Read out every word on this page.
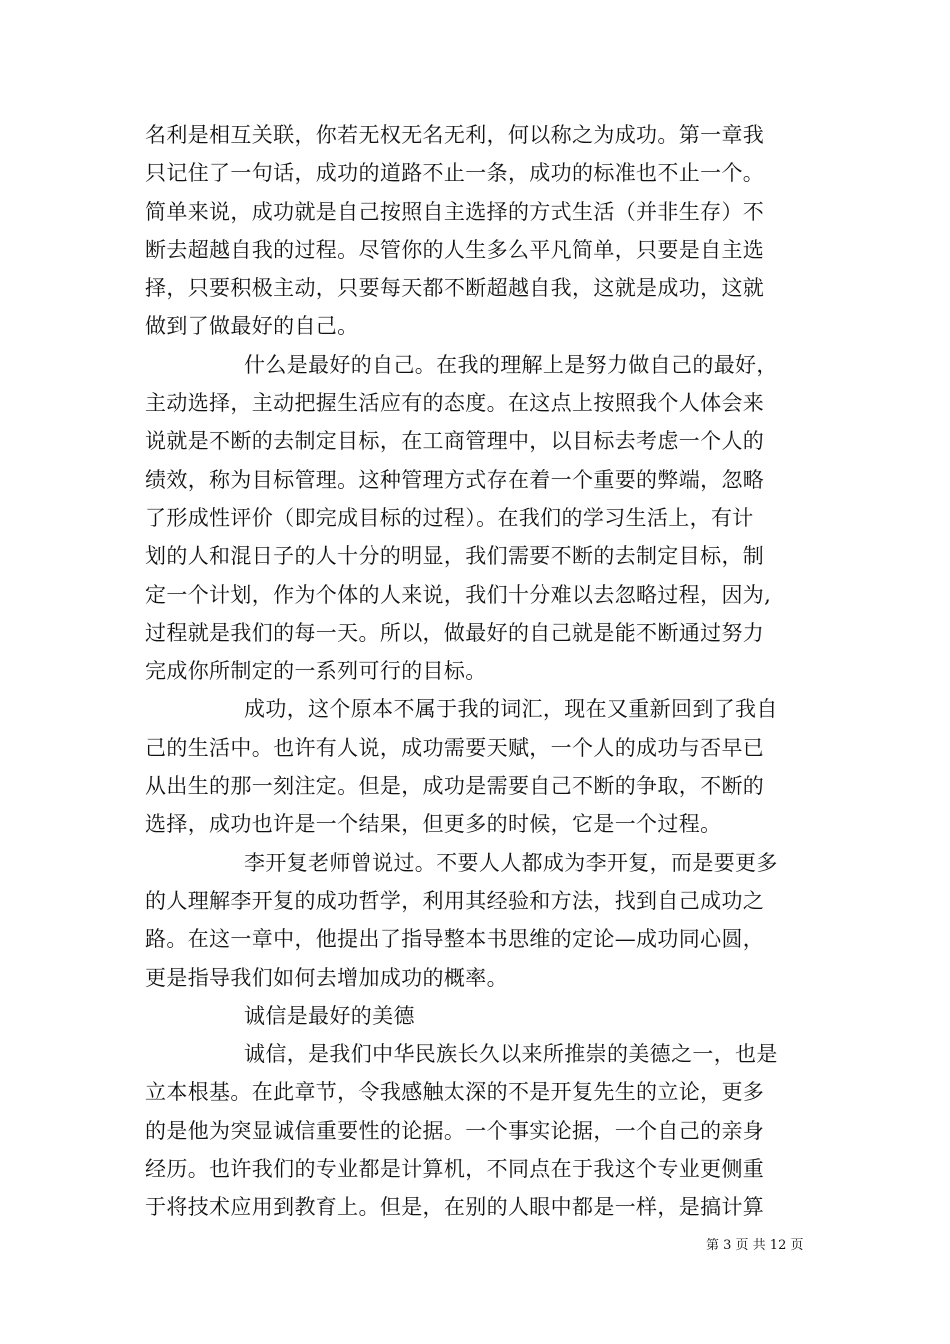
名利是相互关联，你若无权无名无利，何以称之为成功。第一章我
只记住了一句话，成功的道路不止一条，成功的标准也不止一个。
简单来说，成功就是自己按照自主选择的方式生活（并非生存）不
断去超越自我的过程。尽管你的人生多么平凡简单，只要是自主选
择，只要积极主动，只要每天都不断超越自我，这就是成功，这就
做到了做最好的自己。
什么是最好的自己。在我的理解上是努力做自己的最好，
主动选择，主动把握生活应有的态度。在这点上按照我个人体会来
说就是不断的去制定目标，在工商管理中，以目标去考虑一个人的
绩效，称为目标管理。这种管理方式存在着一个重要的弊端，忽略
了形成性评价（即完成目标的过程）。在我们的学习生活上，有计
划的人和混日子的人十分的明显，我们需要不断的去制定目标，制
定一个计划，作为个体的人来说，我们十分难以去忽略过程，因为,
过程就是我们的每一天。所以，做最好的自己就是能不断通过努力
完成你所制定的一系列可行的目标。
成功，这个原本不属于我的词汇，现在又重新回到了我自
己的生活中。也许有人说，成功需要天赋，一个人的成功与否早已
从出生的那一刻注定。但是，成功是需要自己不断的争取，不断的
选择，成功也许是一个结果，但更多的时候，它是一个过程。
李开复老师曾说过。不要人人都成为李开复，而是要更多
的人理解李开复的成功哲学，利用其经验和方法，找到自己成功之
路。在这一章中，他提出了指导整本书思维的定论—成功同心圆，
更是指导我们如何去增加成功的概率。
诚信是最好的美德
诚信，是我们中华民族长久以来所推崇的美德之一，也是
立本根基。在此章节，令我感触太深的不是开复先生的立论，更多
的是他为突显诚信重要性的论据。一个事实论据，一个自己的亲身
经历。也许我们的专业都是计算机，不同点在于我这个专业更侧重
于将技术应用到教育上。但是，在别的人眼中都是一样，是搞计算
第 3 页 共 12 页
